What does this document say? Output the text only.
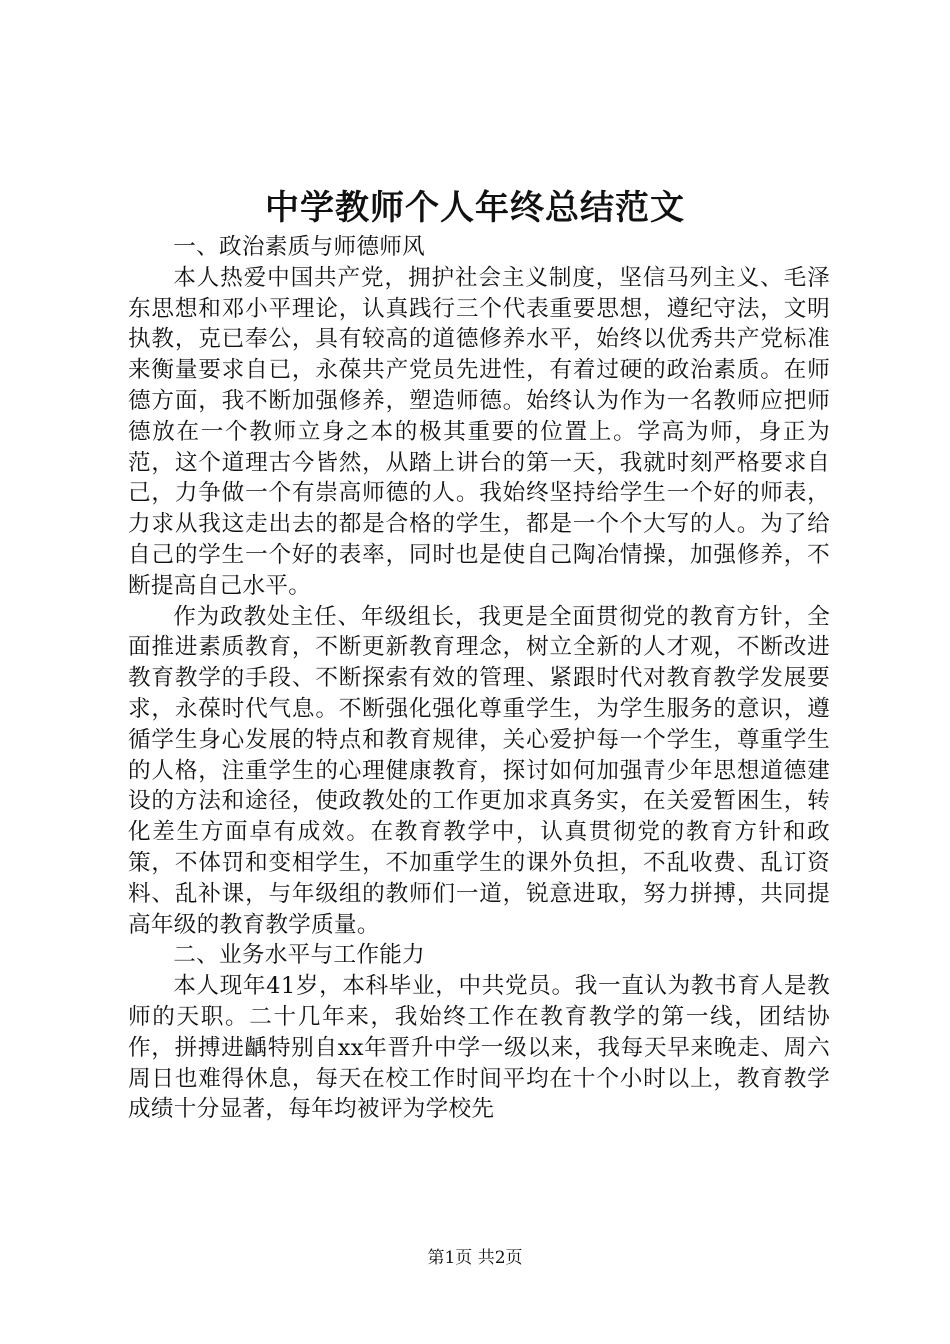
中学教师个人年终总结范文

一、政治素质与师德师风

本人热爱中国共产党，拥护社会主义制度，坚信马列主义、毛泽东思想和邓小平理论，认真践行三个代表重要思想，遵纪守法，文明执教，克已奉公，具有较高的道德修养水平，始终以优秀共产党标准来衡量要求自已，永葆共产党员先进性，有着过硬的政治素质。在师德方面，我不断加强修养，塑造师德。始终认为作为一名教师应把师德放在一个教师立身之本的极其重要的位置上。学高为师，身正为范，这个道理古今皆然，从踏上讲台的第一天，我就时刻严格要求自己，力争做一个有崇高师德的人。我始终坚持给学生一个好的师表，力求从我这走出去的都是合格的学生，都是一个个大写的人。为了给自己的学生一个好的表率，同时也是使自己陶冶情操，加强修养，不断提高自己水平。

作为政教处主任、年级组长，我更是全面贯彻党的教育方针，全面推进素质教育，不断更新教育理念，树立全新的人才观，不断改进教育教学的手段、不断探索有效的管理、紧跟时代对教育教学发展要求，永葆时代气息。不断强化强化尊重学生，为学生服务的意识，遵循学生身心发展的特点和教育规律，关心爱护每一个学生，尊重学生的人格，注重学生的心理健康教育，探讨如何加强青少年思想道德建设的方法和途径，使政教处的工作更加求真务实，在关爱暂困生，转化差生方面卓有成效。在教育教学中，认真贯彻党的教育方针和政策，不体罚和变相学生，不加重学生的课外负担，不乱收费、乱订资料、乱补课，与年级组的教师们一道，锐意进取，努力拼搏，共同提高年级的教育教学质量。

二、业务水平与工作能力

本人现年41岁，本科毕业，中共党员。我一直认为教书育人是教师的天职。二十几年来，我始终工作在教育教学的第一线，团结协作，拼搏进齲特别自xx年晋升中学一级以来，我每天早来晚走、周六周日也难得休息，每天在校工作时间平均在十个小时以上，教育教学成绩十分显著，每年均被评为学校先

第1页 共2页
